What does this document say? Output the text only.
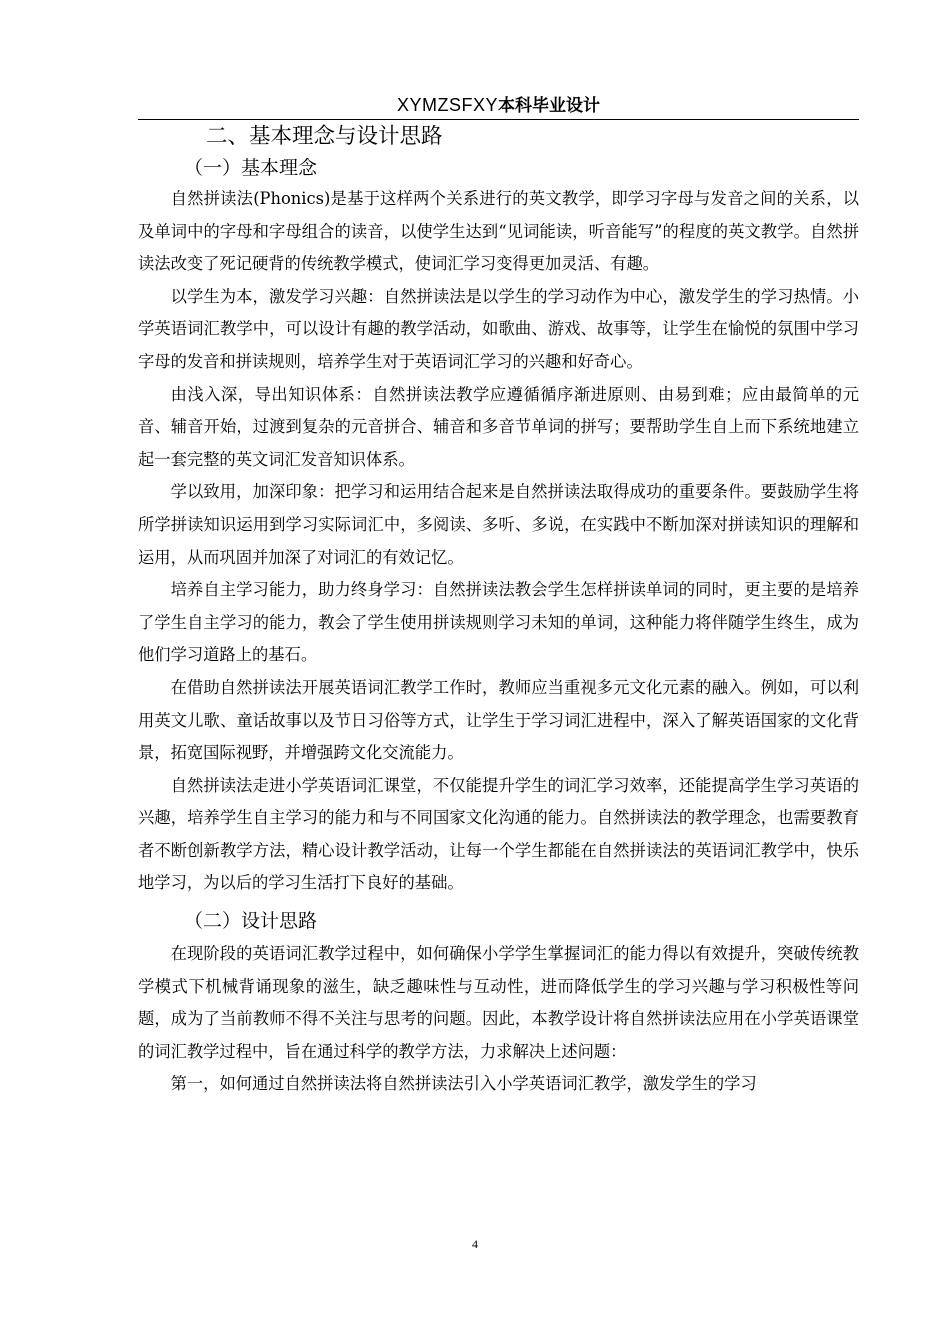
XYMZSFXY本科毕业设计
二、基本理念与设计思路
（一）基本理念

自然拼读法(Phonics)是基于这样两个关系进行的英文教学，即学习字母与发音之间的关系，以及单词中的字母和字母组合的读音，以使学生达到“见词能读，听音能写”的程度的英文教学。自然拼读法改变了死记硬背的传统教学模式，使词汇学习变得更加灵活、有趣。

以学生为本，激发学习兴趣：自然拼读法是以学生的学习动作为中心，激发学生的学习热情。小学英语词汇教学中，可以设计有趣的教学活动，如歌曲、游戏、故事等，让学生在愉悦的氛围中学习字母的发音和拼读规则，培养学生对于英语词汇学习的兴趣和好奇心。

由浅入深，导出知识体系：自然拼读法教学应遵循循序渐进原则、由易到难；应由最简单的元音、辅音开始，过渡到复杂的元音拼合、辅音和多音节单词的拼写；要帮助学生自上而下系统地建立起一套完整的英文词汇发音知识体系。

学以致用，加深印象：把学习和运用结合起来是自然拼读法取得成功的重要条件。要鼓励学生将所学拼读知识运用到学习实际词汇中，多阅读、多听、多说，在实践中不断加深对拼读知识的理解和运用，从而巩固并加深了对词汇的有效记忆。

培养自主学习能力，助力终身学习：自然拼读法教会学生怎样拼读单词的同时，更主要的是培养了学生自主学习的能力，教会了学生使用拼读规则学习未知的单词，这种能力将伴随学生终生，成为他们学习道路上的基石。

在借助自然拼读法开展英语词汇教学工作时，教师应当重视多元文化元素的融入。例如，可以利用英文儿歌、童话故事以及节日习俗等方式，让学生于学习词汇进程中，深入了解英语国家的文化背景，拓宽国际视野，并增强跨文化交流能力。

自然拼读法走进小学英语词汇课堂，不仅能提升学生的词汇学习效率，还能提高学生学习英语的兴趣，培养学生自主学习的能力和与不同国家文化沟通的能力。自然拼读法的教学理念，也需要教育者不断创新教学方法，精心设计教学活动，让每一个学生都能在自然拼读法的英语词汇教学中，快乐地学习，为以后的学习生活打下良好的基础。

（二）设计思路

在现阶段的英语词汇教学过程中，如何确保小学学生掌握词汇的能力得以有效提升，突破传统教学模式下机械背诵现象的滋生，缺乏趣味性与互动性，进而降低学生的学习兴趣与学习积极性等问题，成为了当前教师不得不关注与思考的问题。因此，本教学设计将自然拼读法应用在小学英语课堂的词汇教学过程中，旨在通过科学的教学方法，力求解决上述问题：

第一，如何通过自然拼读法将自然拼读法引入小学英语词汇教学，激发学生的学习

4
